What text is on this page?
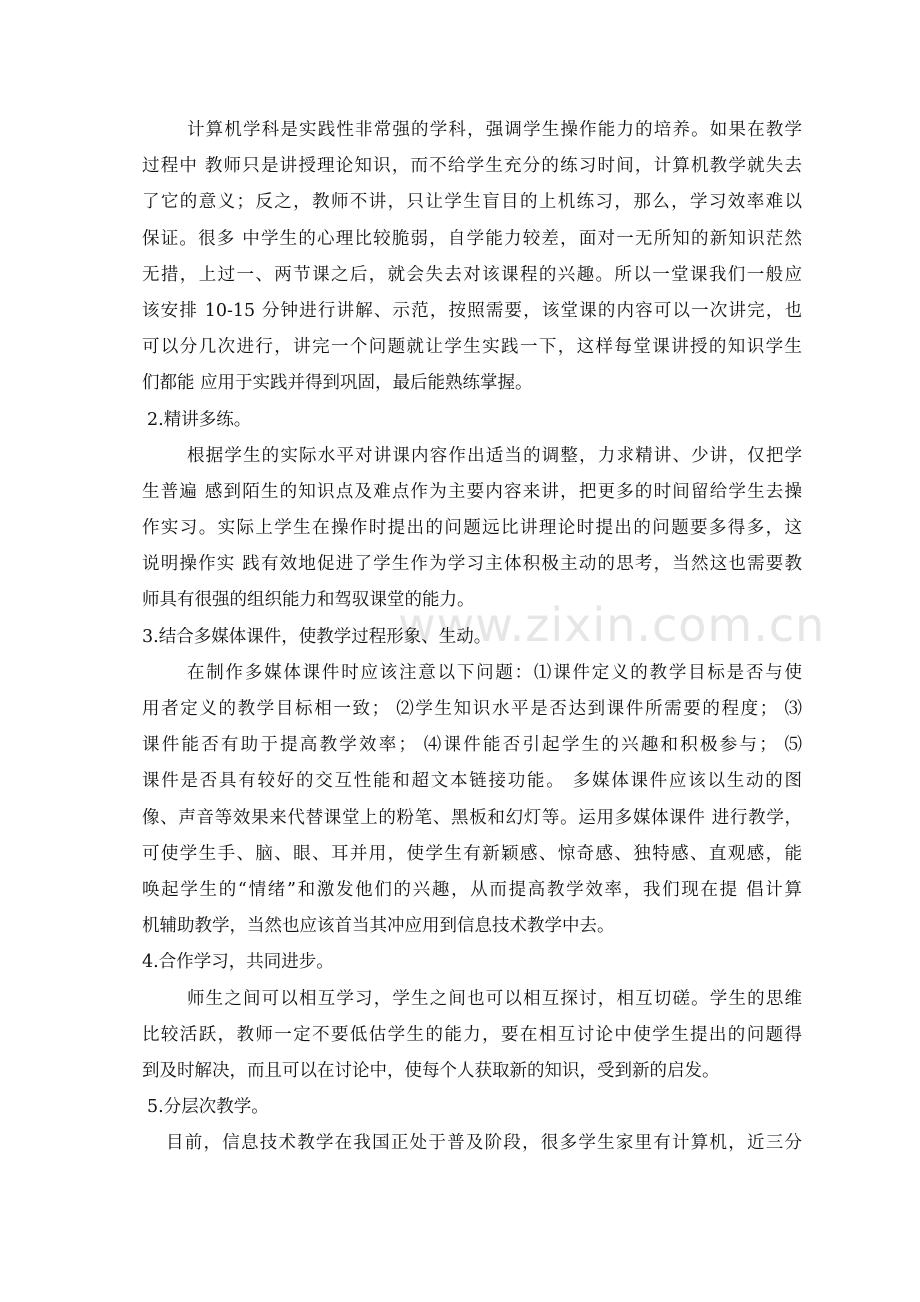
www.zixin.com.cn
计算机学科是实践性非常强的学科，强调学生操作能力的培养。如果在教学
过程中 教师只是讲授理论知识，而不给学生充分的练习时间，计算机教学就失去
了它的意义；反之，教师不讲，只让学生盲目的上机练习，那么，学习效率难以
保证。很多 中学生的心理比较脆弱，自学能力较差，面对一无所知的新知识茫然
无措，上过一、两节课之后，就会失去对该课程的兴趣。所以一堂课我们一般应
该安排 10-15 分钟进行讲解、示范，按照需要，该堂课的内容可以一次讲完，也
可以分几次进行，讲完一个问题就让学生实践一下，这样每堂课讲授的知识学生
们都能 应用于实践并得到巩固，最后能熟练掌握。
2.精讲多练。
根据学生的实际水平对讲课内容作出适当的调整，力求精讲、少讲，仅把学
生普遍 感到陌生的知识点及难点作为主要内容来讲，把更多的时间留给学生去操
作实习。实际上学生在操作时提出的问题远比讲理论时提出的问题要多得多，这
说明操作实 践有效地促进了学生作为学习主体积极主动的思考，当然这也需要教
师具有很强的组织能力和驾驭课堂的能力。
3.结合多媒体课件，使教学过程形象、生动。
在制作多媒体课件时应该注意以下问题：⑴课件定义的教学目标是否与使
用者定义的教学目标相一致； ⑵学生知识水平是否达到课件所需要的程度； ⑶
课件能否有助于提高教学效率； ⑷课件能否引起学生的兴趣和积极参与； ⑸
课件是否具有较好的交互性能和超文本链接功能。 多媒体课件应该以生动的图
像、声音等效果来代替课堂上的粉笔、黑板和幻灯等。运用多媒体课件 进行教学，
可使学生手、脑、眼、耳并用，使学生有新颖感、惊奇感、独特感、直观感，能
唤起学生的“情绪”和激发他们的兴趣，从而提高教学效率，我们现在提 倡计算
机辅助教学，当然也应该首当其冲应用到信息技术教学中去。
4.合作学习，共同进步。
师生之间可以相互学习，学生之间也可以相互探讨，相互切磋。学生的思维
比较活跃，教师一定不要低估学生的能力，要在相互讨论中使学生提出的问题得
到及时解决，而且可以在讨论中，使每个人获取新的知识，受到新的启发。
5.分层次教学。
目前，信息技术教学在我国正处于普及阶段，很多学生家里有计算机，近三分
